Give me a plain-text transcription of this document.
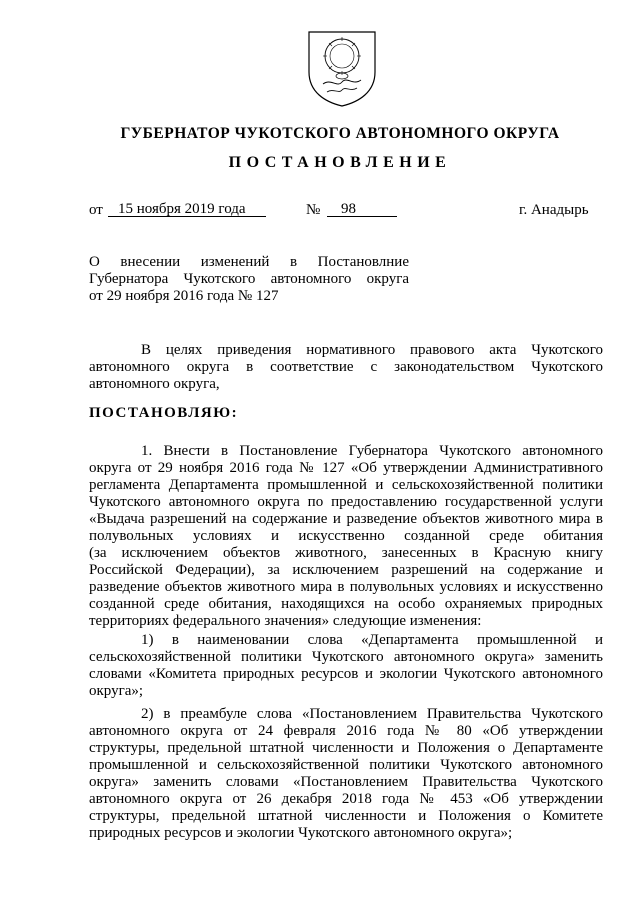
ГУБЕРНАТОР ЧУКОТСКОГО АВТОНОМНОГО ОКРУГА
ПОСТАНОВЛЕНИЕ
от	15 ноября 2019 года	№	98	г. Анадырь

О внесении изменений в Постановлние

Губернатора Чукотского автономного округа

от 29 ноября 2016 года № 127

В целях приведения нормативного правового акта Чукотского

автономного округа в соответствие с законодательством Чукотского

автономного округа,

ПОСТАНОВЛЯЮ:

1. Внести в Постановление Губернатора Чукотского автономного

округа от 29 ноября 2016 года № 127 «Об утверждении Административного

регламента Департамента промышленной и сельскохозяйственной политики

Чукотского автономного округа по предоставлению государственной услуги

«Выдача разрешений на содержание и разведение объектов животного мира в

полувольных условиях и искусственно созданной среде обитания

(за исключением объектов животного, занесенных в Красную книгу

Российской Федерации), за исключением разрешений на содержание и

разведение объектов животного мира в полувольных условиях и искусственно

созданной среде обитания, находящихся на особо охраняемых природных

территориях федерального значения» следующие изменения:

1) в наименовании слова «Департамента промышленной и

сельскохозяйственной политики Чукотского автономного округа» заменить

словами «Комитета природных ресурсов и экологии Чукотского автономного

округа»;

2) в преамбуле слова «Постановлением Правительства Чукотского

автономного округа от 24 февраля 2016 года № 80 «Об утверждении

структуры, предельной штатной численности и Положения о Департаменте

промышленной и сельскохозяйственной политики Чукотского автономного

округа» заменить словами «Постановлением Правительства Чукотского

автономного округа от 26 декабря 2018 года № 453 «Об утверждении

структуры, предельной штатной численности и Положения о Комитете

природных ресурсов и экологии Чукотского автономного округа»;
